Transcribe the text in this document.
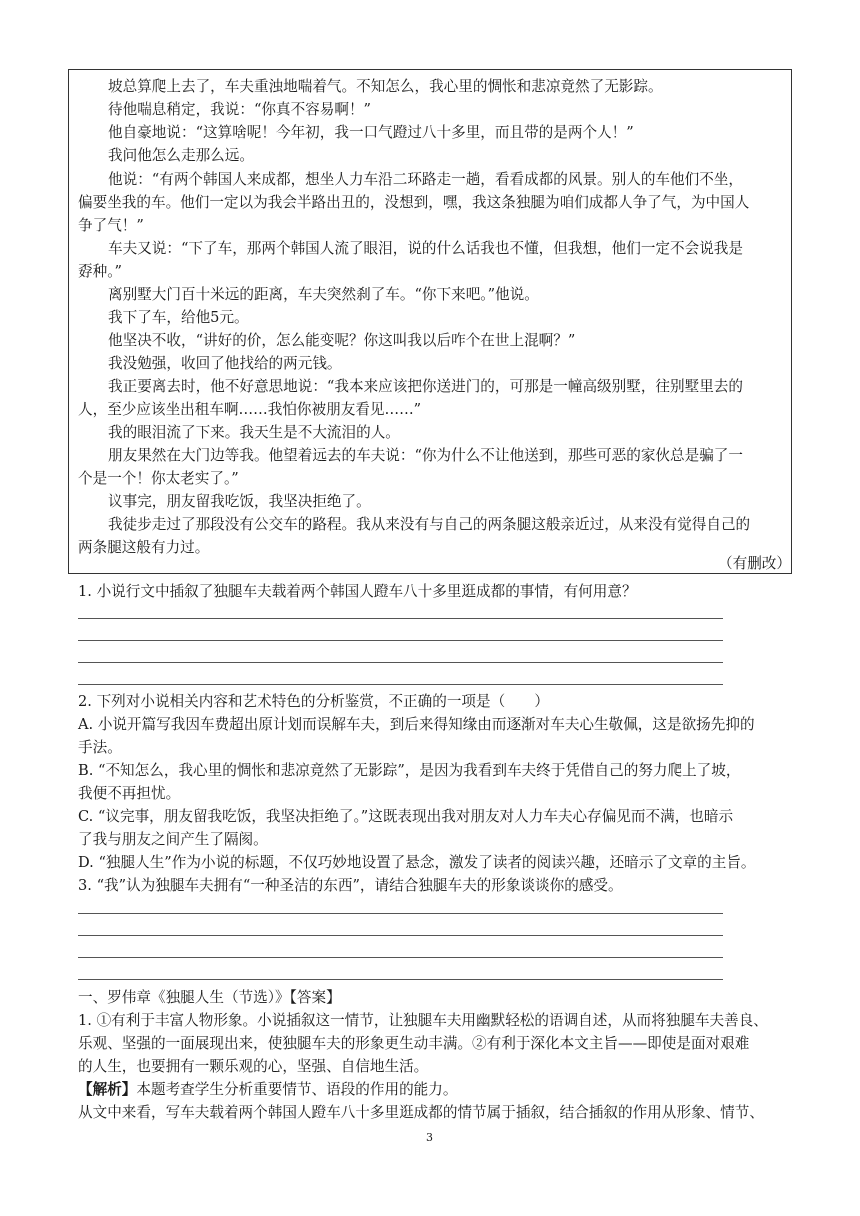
坡总算爬上去了，车夫重浊地喘着气。不知怎么，我心里的惆怅和悲凉竟然了无影踪。
待他喘息稍定，我说：“你真不容易啊！”
他自豪地说：“这算啥呢！今年初，我一口气蹬过八十多里，而且带的是两个人！”
我问他怎么走那么远。
他说：“有两个韩国人来成都，想坐人力车沿二环路走一趟，看看成都的风景。别人的车他们不坐，
偏要坐我的车。他们一定以为我会半路出丑的，没想到，嘿，我这条独腿为咱们成都人争了气，为中国人
争了气！”
车夫又说：“下了车，那两个韩国人流了眼泪，说的什么话我也不懂，但我想，他们一定不会说我是
孬种。”
离别墅大门百十米远的距离，车夫突然刹了车。“你下来吧。”他说。
我下了车，给他5元。
他坚决不收，“讲好的价，怎么能变呢？你这叫我以后咋个在世上混啊？”
我没勉强，收回了他找给的两元钱。
我正要离去时，他不好意思地说：“我本来应该把你送进门的，可那是一幢高级别墅，往别墅里去的
人，至少应该坐出租车啊……我怕你被朋友看见……”
我的眼泪流了下来。我天生是不大流泪的人。
朋友果然在大门边等我。他望着远去的车夫说：“你为什么不让他送到，那些可恶的家伙总是骗了一
个是一个！你太老实了。”
议事完，朋友留我吃饭，我坚决拒绝了。
我徒步走过了那段没有公交车的路程。我从来没有与自己的两条腿这般亲近过，从来没有觉得自己的
两条腿这般有力过。
（有删改）
1. 小说行文中插叙了独腿车夫载着两个韩国人蹬车八十多里逛成都的事情，有何用意？
2. 下列对小说相关内容和艺术特色的分析鉴赏，不正确的一项是（　　）
A. 小说开篇写我因车费超出原计划而误解车夫，到后来得知缘由而逐渐对车夫心生敬佩，这是欲扬先抑的
手法。
B. “不知怎么，我心里的惆怅和悲凉竟然了无影踪”，是因为我看到车夫终于凭借自己的努力爬上了坡，
我便不再担忧。
C. “议完事，朋友留我吃饭，我坚决拒绝了。”这既表现出我对朋友对人力车夫心存偏见而不满，也暗示
了我与朋友之间产生了隔阂。
D. “独腿人生”作为小说的标题，不仅巧妙地设置了悬念，激发了读者的阅读兴趣，还暗示了文章的主旨。
3. “我”认为独腿车夫拥有“一种圣洁的东西”，请结合独腿车夫的形象谈谈你的感受。
一、罗伟章《独腿人生（节选）》【答案】
1. ①有利于丰富人物形象。小说插叙这一情节，让独腿车夫用幽默轻松的语调自述，从而将独腿车夫善良、
乐观、坚强的一面展现出来，使独腿车夫的形象更生动丰满。②有利于深化本文主旨——即使是面对艰难
的人生，也要拥有一颗乐观的心，坚强、自信地生活。
【解析】本题考查学生分析重要情节、语段的作用的能力。
从文中来看，写车夫载着两个韩国人蹬车八十多里逛成都的情节属于插叙，结合插叙的作用从形象、情节、
3
